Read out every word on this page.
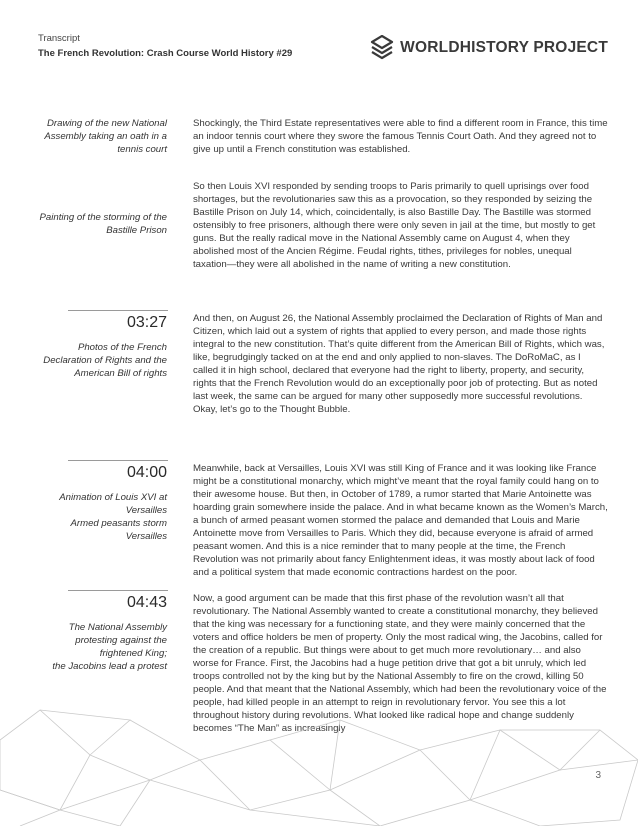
Transcript
The French Revolution: Crash Course World History #29	WORLDHISTORY PROJECT
Drawing of the new National Assembly taking an oath in a tennis court
Painting of the storming of the Bastille Prison
03:27
Photos of the French Declaration of Rights and the American Bill of rights
04:00
Animation of Louis XVI at Versailles
Armed peasants storm Versailles
04:43
The National Assembly protesting against the frightened King;
the Jacobins lead a protest

Shockingly, the Third Estate representatives were able to find a different room in France, this time an indoor tennis court where they swore the famous Tennis Court Oath. And they agreed not to give up until a French constitution was established.

So then Louis XVI responded by sending troops to Paris primarily to quell uprisings over food shortages, but the revolutionaries saw this as a provocation, so they responded by seizing the Bastille Prison on July 14, which, coincidentally, is also Bastille Day. The Bastille was stormed ostensibly to free prisoners, although there were only seven in jail at the time, but mostly to get guns. But the really radical move in the National Assembly came on August 4, when they abolished most of the Ancien Régime. Feudal rights, tithes, privileges for nobles, unequal taxation—they were all abolished in the name of writing a new constitution.

And then, on August 26, the National Assembly proclaimed the Declaration of Rights of Man and Citizen, which laid out a system of rights that applied to every person, and made those rights integral to the new constitution. That’s quite different from the American Bill of Rights, which was, like, begrudgingly tacked on at the end and only applied to non-slaves. The DoRoMaC, as I called it in high school, declared that everyone had the right to liberty, property, and security, rights that the French Revolution would do an exceptionally poor job of protecting. But as noted last week, the same can be argued for many other supposedly more successful revolutions. Okay, let’s go to the Thought Bubble.

Meanwhile, back at Versailles, Louis XVI was still King of France and it was looking like France might be a constitutional monarchy, which might’ve meant that the royal family could hang on to their awesome house. But then, in October of 1789, a rumor started that Marie Antoinette was hoarding grain somewhere inside the palace. And in what became known as the Women’s March, a bunch of armed peasant women stormed the palace and demanded that Louis and Marie Antoinette move from Versailles to Paris. Which they did, because everyone is afraid of armed peasant women. And this is a nice reminder that to many people at the time, the French Revolution was not primarily about fancy Enlightenment ideas, it was mostly about lack of food and a political system that made economic contractions hardest on the poor.

Now, a good argument can be made that this first phase of the revolution wasn’t all that revolutionary. The National Assembly wanted to create a constitutional monarchy, they believed that the king was necessary for a functioning state, and they were mainly concerned that the voters and office holders be men of property. Only the most radical wing, the Jacobins, called for the creation of a republic. But things were about to get much more revolutionary… and also worse for France. First, the Jacobins had a huge petition drive that got a bit unruly, which led troops controlled not by the king but by the National Assembly to fire on the crowd, killing 50 people. And that meant that the National Assembly, which had been the revolutionary voice of the people, had killed people in an attempt to reign in revolutionary fervor. You see this a lot throughout history during revolutions. What looked like radical hope and change suddenly becomes “The Man” as increasingly

3
